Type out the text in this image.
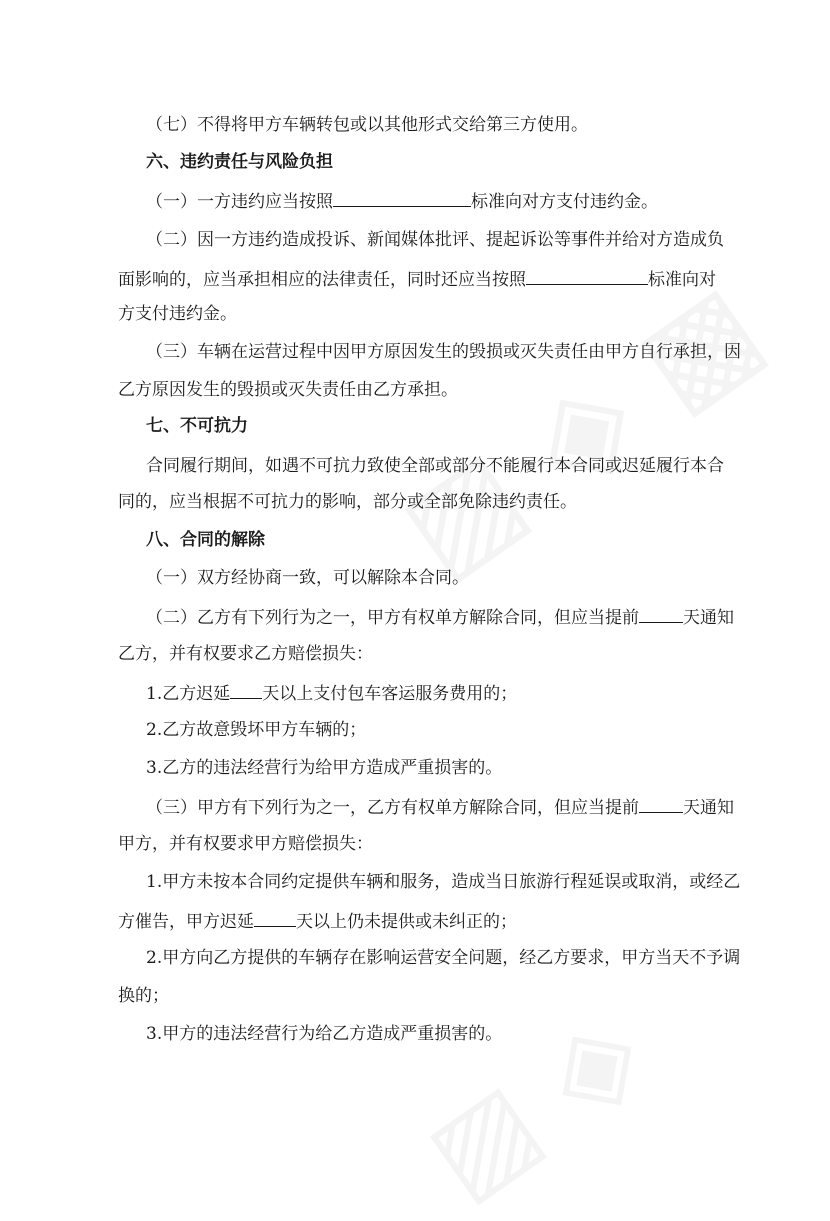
（七）不得将甲方车辆转包或以其他形式交给第三方使用。
六、违约责任与风险负担
（一）一方违约应当按照	标准向对方支付违约金。
（二）因一方违约造成投诉、新闻媒体批评、提起诉讼等事件并给对方造成负
面影响的，应当承担相应的法律责任，同时还应当按照	标准向对
方支付违约金。
（三）车辆在运营过程中因甲方原因发生的毁损或灭失责任由甲方自行承担，因
乙方原因发生的毁损或灭失责任由乙方承担。
七、不可抗力
合同履行期间，如遇不可抗力致使全部或部分不能履行本合同或迟延履行本合
同的，应当根据不可抗力的影响，部分或全部免除违约责任。
八、合同的解除
（一）双方经协商一致，可以解除本合同。
（二）乙方有下列行为之一，甲方有权单方解除合同，但应当提前	天通知
乙方，并有权要求乙方赔偿损失：
1.乙方迟延 天以上支付包车客运服务费用的；
2.乙方故意毁坏甲方车辆的；
3.乙方的违法经营行为给甲方造成严重损害的。
（三）甲方有下列行为之一，乙方有权单方解除合同，但应当提前	天通知
甲方，并有权要求甲方赔偿损失：
1.甲方未按本合同约定提供车辆和服务，造成当日旅游行程延误或取消，或经乙
方催告，甲方迟延 天以上仍未提供或未纠正的；
2.甲方向乙方提供的车辆存在影响运营安全问题，经乙方要求，甲方当天不予调
换的；
3.甲方的违法经营行为给乙方造成严重损害的。
